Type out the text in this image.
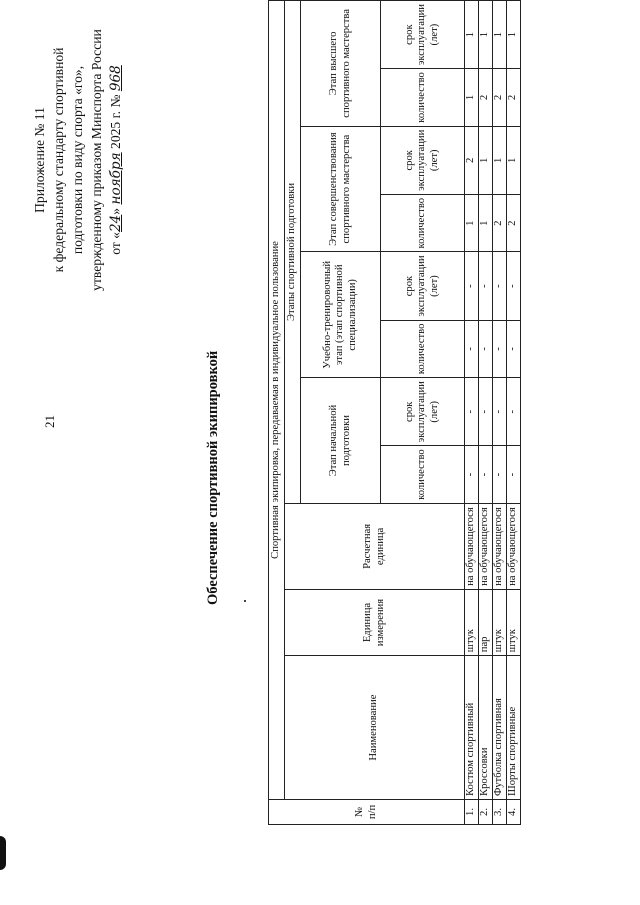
21
Приложение № 11 к федеральному стандарту спортивной подготовки по виду спорта «го», утвержденному приказом Минспорта России от «24» ноября 2025 г. № 968
Обеспечение спортивной экипировкой
№ п/п	Спортивная экипировка, передаваемая в индивидуальное пользование										
	Наименование	Единица измерения	Расчетная единица	Этапы спортивной подготовки							
				Этап начальной подготовки		Учебно-тренировочный этап (этап спортивной специализации)		Этап совершенствования спортивного мастерства		Этап высшего спортивного мастерства	
				количество	срок эксплуатации (лет)	количество	срок эксплуатации (лет)	количество	срок эксплуатации (лет)	количество	срок эксплуатации (лет)
1.	Костюм спортивный	штук	на обучающегося	-	-	-	-	1	2	1	1
2.	Кроссовки	пар	на обучающегося	-	-	-	-	1	1	2	1
3.	Футболка спортивная	штук	на обучающегося	-	-	-	-	2	1	2	1
4.	Шорты спортивные	штук	на обучающегося	-	-	-	-	2	1	2	1
